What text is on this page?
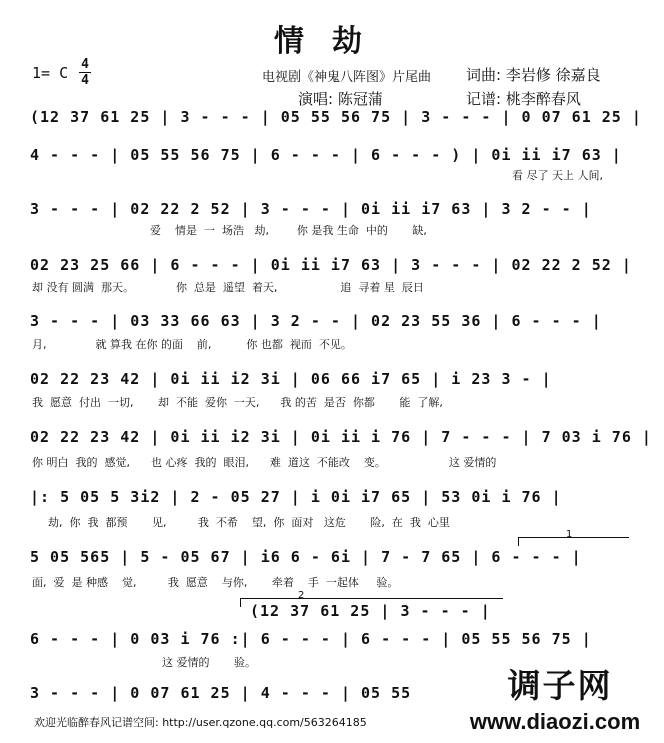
情劫
1= C 4
4	电视剧《神鬼八阵图》片尾曲 词曲: 李岩修 徐嘉良
演唱: 陈冠蒲	记谱: 桃李醉春风
(12 37 61 25 | 3 - - - | 05 55 56 75 | 3 - - - | 0 07 61 25 |
4 - - - | 05 55 56 75 | 6 - - - | 6 - - - ) | 0i ii i7 63 |
看 尽了 天上 人间,
3 - - - | 02 22 2 52 | 3 - - - | 0i ii i7 63 | 3 2 - - |
爱    情是  一  场浩   劫,        你 是我 生命  中的       缺,
02 23 25 66 | 6 - - - | 0i ii i7 63 | 3 - - - | 02 22 2 52 |
却 没有 圆满  那天。            你  总是  遥望  着天,                  追  寻着 星  辰日
3 - - - | 03 33 66 63 | 3 2 - - | 02 23 55 36 | 6 - - - |
月,              就 算我 在你 的面    前,          你 也都  视而  不见。
02 22 23 42 | 0i ii i2 3i | 06 66 i7 65 | i 23 3 - |
我  愿意  付出  一切,       却  不能  爱你  一天,      我 的苦  是否  你都       能  了解,
02 22 23 42 | 0i ii i2 3i | 0i ii i 76 | 7 - - - | 7 03 i 76 |
你 明白  我的  感觉,      也 心疼  我的  眼泪,      难  道这  不能改    变。                  这 爱情的
|: 5 05 5 3i2 | 2 - 05 27 | i 0i i7 65 | 53 0i i 76 |
劫,  你  我  都预       见,         我  不希    望,  你  面对   这危       险,  在  我  心里
1
5 05 565 | 5 - 05 67 | i6 6 - 6i | 7 - 7 65 | 6 - - - |
面,  爱  是 种感    觉,         我  愿意    与你,       牵着    手  一起体     验。
2
(12 37 61 25 | 3 - - - |
6 - - - | 0 03 i 76 :| 6 - - - | 6 - - - | 05 55 56 75 |
这 爱情的       验。
3 - - - | 0 07 61 25 | 4 - - - | 05 55
欢迎光临醉春风记谱空间: http://user.qzone.qq.com/563264185
调子网
www.diaozi.com
